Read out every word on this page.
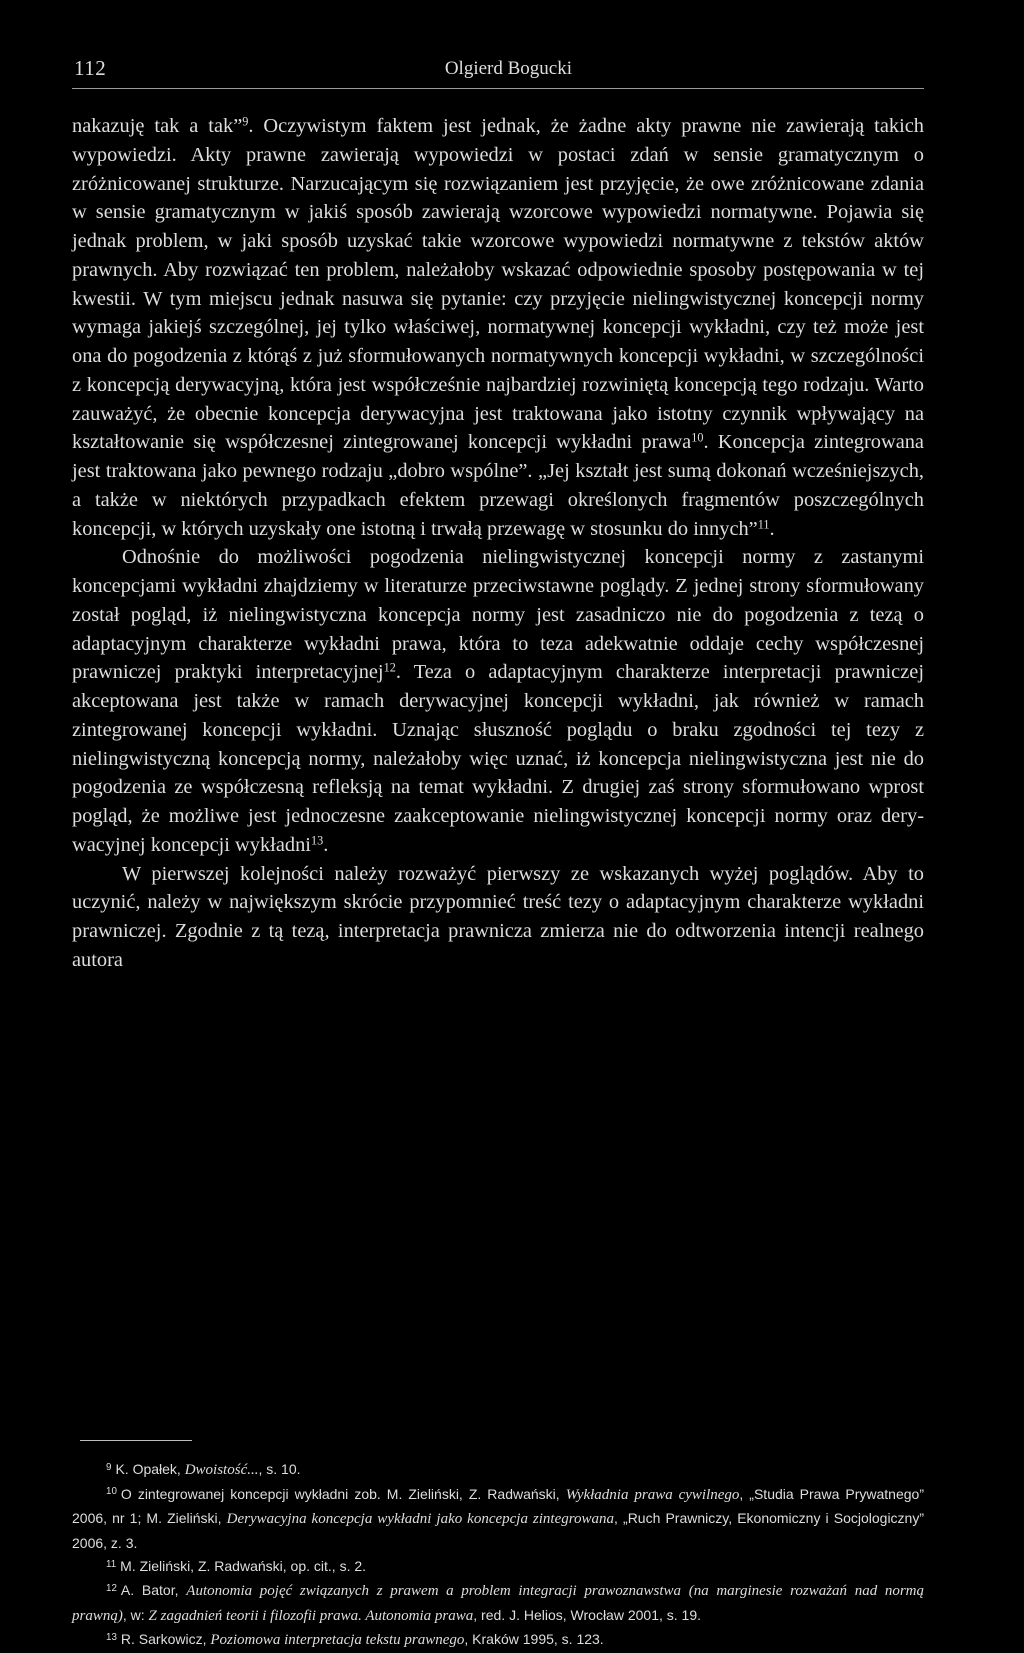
112	Olgierd Bogucki

nakazuję tak a tak”$^9$. Oczywistym faktem jest jednak, że żadne akty prawne nie zawierają takich wypowiedzi. Akty prawne zawierają wypowiedzi w postaci zdań w sensie gramatycznym o zróżnicowanej strukturze. Narzucającym się rozwiązaniem jest przyjęcie, że owe zróżnicowane zdania w sensie gramatycznym w jakiś sposób zawierają wzorcowe wypowiedzi normatywne. Pojawia się jednak problem, w jaki sposób uzyskać takie wzorcowe wypowiedzi normatywne z tekstów aktów prawnych. Aby rozwiązać ten problem, należałoby wskazać odpowiednie sposoby postępowania w tej kwestii. W tym miejscu jednak nasuwa się pytanie: czy przyjęcie nielingwistycznej koncepcji normy wymaga jakiejś szczególnej, jej tylko właściwej, normatywnej koncepcji wykładni, czy też może jest ona do pogodzenia z którąś z już sformułowanych normatywnych koncepcji wykładni, w szczególności z koncepcją derywacyjną, która jest współcześnie najbardziej rozwiniętą koncepcją tego rodzaju. Warto zauważyć, że obecnie koncepcja derywacyjna jest traktowana jako istotny czynnik wpływający na kształtowanie się współczesnej zintegrowanej koncepcji wykładni prawa$^{10}$. Koncepcja zintegrowana jest traktowana jako pewnego rodzaju „dobro wspólne”. „Jej kształt jest sumą dokonań wcześniejszych, a także w niektórych przypadkach efektem przewagi określonych fragmentów poszczególnych koncepcji, w których uzyskały one istotną i trwałą przewagę w stosunku do innych”$^{11}$.

Odnośnie do możliwości pogodzenia nielingwistycznej koncepcji normy z zastanymi koncepcjami wykładni zhajdziemy w literaturze przeciwstawne poglądy. Z jednej strony sformułowany został pogląd, iż nielingwistyczna koncepcja normy jest zasadniczo nie do pogodzenia z tezą o adaptacyjnym charakterze wykładni prawa, która to teza adekwatnie oddaje cechy współczesnej prawniczej praktyki interpretacyjnej$^{12}$. Teza o adaptacyjnym charakterze interpretacji prawniczej akceptowana jest także w ramach derywacyjnej koncepcji wykładni, jak również w ramach zintegrowanej koncepcji wykładni. Uznając słuszność poglądu o braku zgodności tej tezy z nielingwistyczną koncepcją normy, należałoby więc uznać, iż koncepcja nielingwistyczna jest nie do pogodzenia ze współczesną refleksją na temat wykładni. Z drugiej zaś strony sformułowano wprost pogląd, że możliwe jest jednoczesne zaakceptowanie nielingwistycznej koncepcji normy oraz derywacyjnej koncepcji wykładni$^{13}$.

W pierwszej kolejności należy rozważyć pierwszy ze wskazanych wyżej poglądów. Aby to uczynić, należy w największym skrócie przypomnieć treść tezy o adaptacyjnym charakterze wykładni prawniczej. Zgodnie z tą tezą, interpretacja prawnicza zmierza nie do odtworzenia intencji realnego autora

$^9$ K. Opałek, Dwoistość..., s. 10.

$^{10}$ O zintegrowanej koncepcji wykładni zob. M. Zieliński, Z. Radwański, Wykładnia prawa cywilnego, „Studia Prawa Prywatnego” 2006, nr 1; M. Zieliński, Derywacyjna koncepcja wykładni jako koncepcja zintegrowana, „Ruch Prawniczy, Ekonomiczny i Socjologiczny” 2006, z. 3.

$^{11}$ M. Zieliński, Z. Radwański, op. cit., s. 2.

$^{12}$ A. Bator, Autonomia pojęć związanych z prawem a problem integracji prawoznawstwa (na marginesie rozważań nad normą prawną), w: Z zagadnień teorii i filozofii prawa. Autonomia prawa, red. J. Helios, Wrocław 2001, s. 19.

$^{13}$ R. Sarkowicz, Poziomowa interpretacja tekstu prawnego, Kraków 1995, s. 123.
